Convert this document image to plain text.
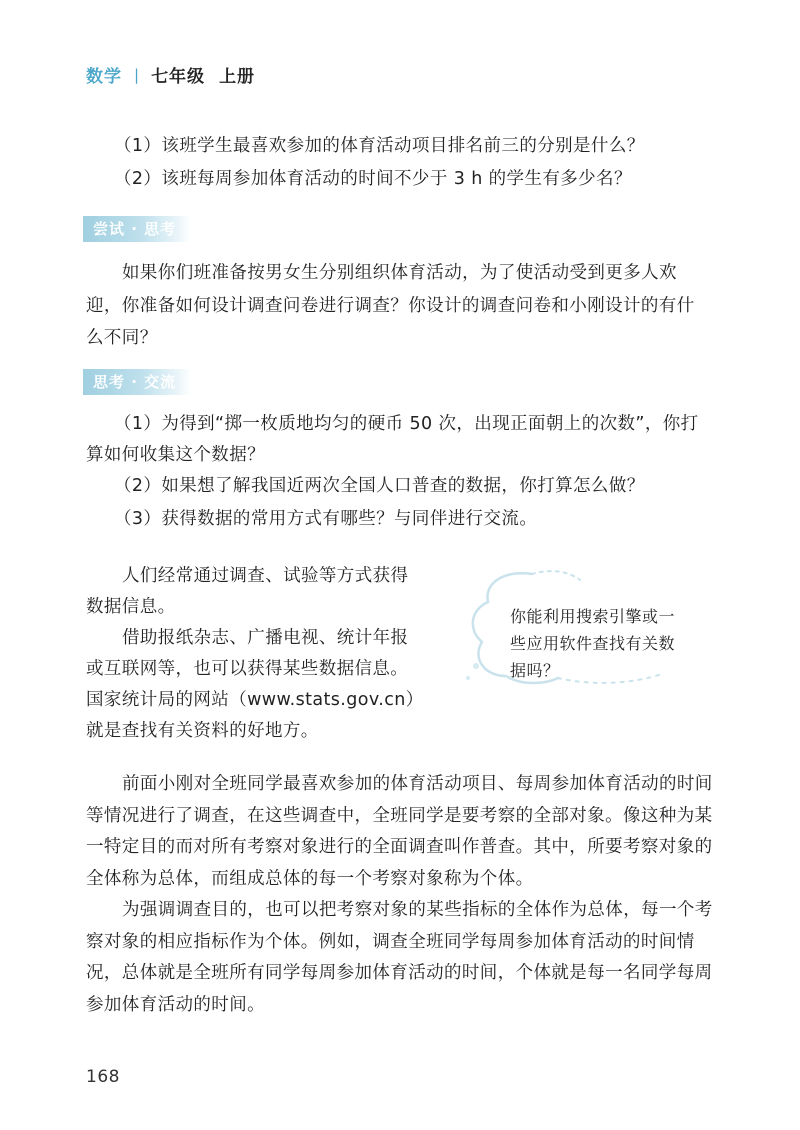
数学 | 七年级 上册
（1）该班学生最喜欢参加的体育活动项目排名前三的分别是什么？
（2）该班每周参加体育活动的时间不少于 3 h 的学生有多少名？
尝试 · 思考
如果你们班准备按男女生分别组织体育活动，为了使活动受到更多人欢迎，你准备如何设计调查问卷进行调查？你设计的调查问卷和小刚设计的有什么不同？
思考 · 交流
（1）为得到“掷一枚质地均匀的硬币 50 次，出现正面朝上的次数”，你打
算如何收集这个数据？
（2）如果想了解我国近两次全国人口普查的数据，你打算怎么做？
（3）获得数据的常用方式有哪些？与同伴进行交流。
人们经常通过调查、试验等方式获得数据信息。
借助报纸杂志、广播电视、统计年报或互联网等，也可以获得某些数据信息。国家统计局的网站（www.stats.gov.cn）就是查找有关资料的好地方。
你能利用搜索引擎或一些应用软件查找有关数据吗？
前面小刚对全班同学最喜欢参加的体育活动项目、每周参加体育活动的时间等情况进行了调查，在这些调查中，全班同学是要考察的全部对象。像这种为某一特定目的而对所有考察对象进行的全面调查叫作普查。其中，所要考察对象的全体称为总体，而组成总体的每一个考察对象称为个体。
为强调调查目的，也可以把考察对象的某些指标的全体作为总体，每一个考察对象的相应指标作为个体。例如，调查全班同学每周参加体育活动的时间情况，总体就是全班所有同学每周参加体育活动的时间，个体就是每一名同学每周参加体育活动的时间。
168
